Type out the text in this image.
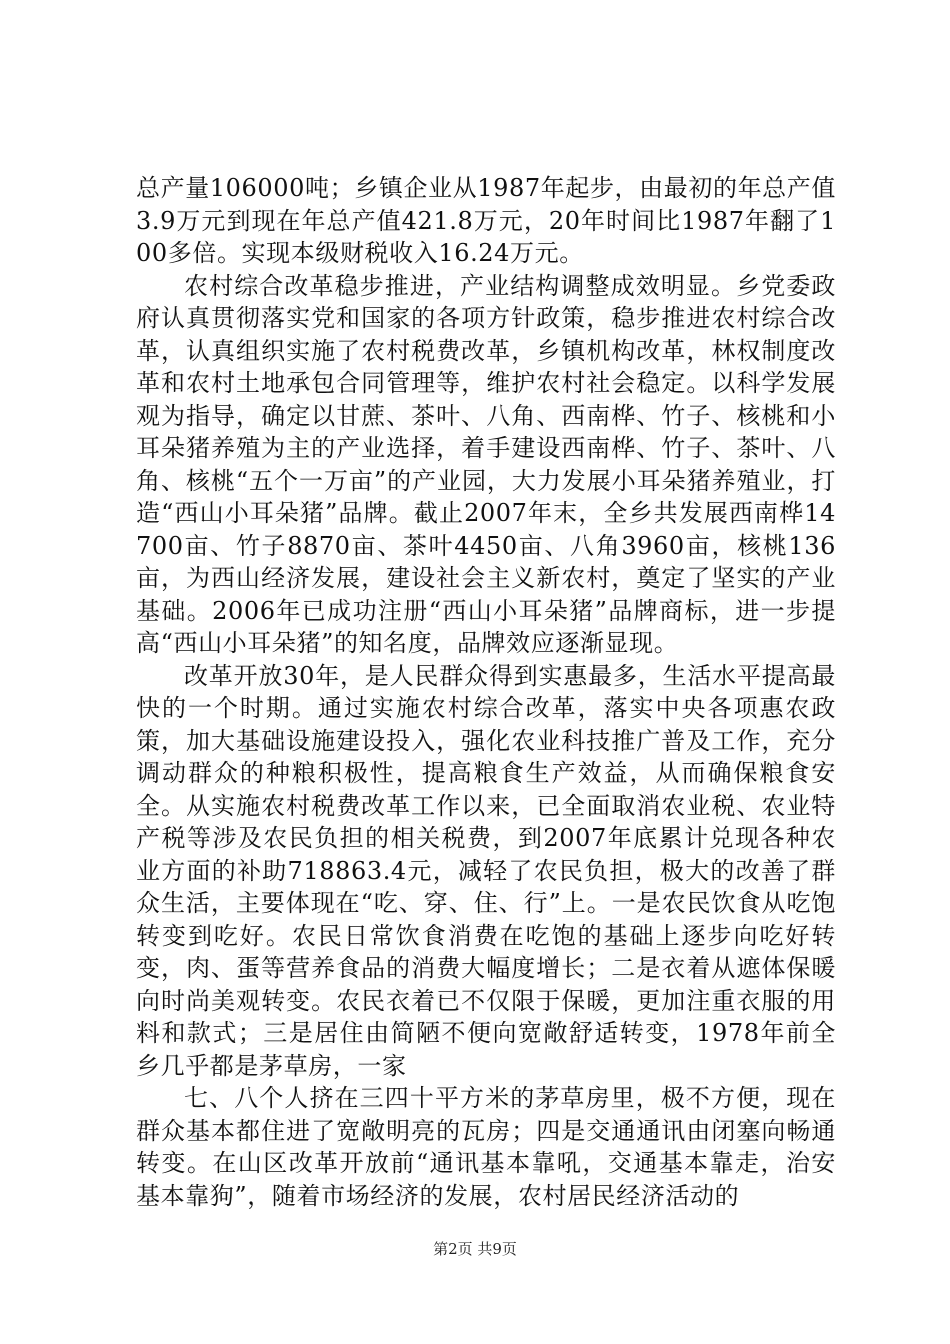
总产量106000吨；乡镇企业从1987年起步，由最初的年总产值3.9万元到现在年总产值421.8万元，20年时间比1987年翻了100多倍。实现本级财税收入16.24万元。

农村综合改革稳步推进，产业结构调整成效明显。乡党委政府认真贯彻落实党和国家的各项方针政策，稳步推进农村综合改革，认真组织实施了农村税费改革，乡镇机构改革，林权制度改革和农村土地承包合同管理等，维护农村社会稳定。以科学发展观为指导，确定以甘蔗、茶叶、八角、西南桦、竹子、核桃和小耳朵猪养殖为主的产业选择，着手建设西南桦、竹子、茶叶、八角、核桃“五个一万亩”的产业园，大力发展小耳朵猪养殖业，打造“西山小耳朵猪”品牌。截止2007年末，全乡共发展西南桦14700亩、竹子8870亩、茶叶4450亩、八角3960亩，核桃136亩，为西山经济发展，建设社会主义新农村，奠定了坚实的产业基础。2006年已成功注册“西山小耳朵猪”品牌商标，进一步提高“西山小耳朵猪”的知名度，品牌效应逐渐显现。

改革开放30年，是人民群众得到实惠最多，生活水平提高最快的一个时期。通过实施农村综合改革，落实中央各项惠农政策，加大基础设施建设投入，强化农业科技推广普及工作，充分调动群众的种粮积极性，提高粮食生产效益，从而确保粮食安全。从实施农村税费改革工作以来，已全面取消农业税、农业特产税等涉及农民负担的相关税费，到2007年底累计兑现各种农业方面的补助718863.4元，减轻了农民负担，极大的改善了群众生活，主要体现在“吃、穿、住、行”上。一是农民饮食从吃饱转变到吃好。农民日常饮食消费在吃饱的基础上逐步向吃好转变，肉、蛋等营养食品的消费大幅度增长；二是衣着从遮体保暖向时尚美观转变。农民衣着已不仅限于保暖，更加注重衣服的用料和款式；三是居住由简陋不便向宽敞舒适转变，1978年前全乡几乎都是茅草房，一家

七、八个人挤在三四十平方米的茅草房里，极不方便，现在群众基本都住进了宽敞明亮的瓦房；四是交通通讯由闭塞向畅通转变。在山区改革开放前“通讯基本靠吼，交通基本靠走，治安基本靠狗”，随着市场经济的发展，农村居民经济活动的

第2页 共9页
